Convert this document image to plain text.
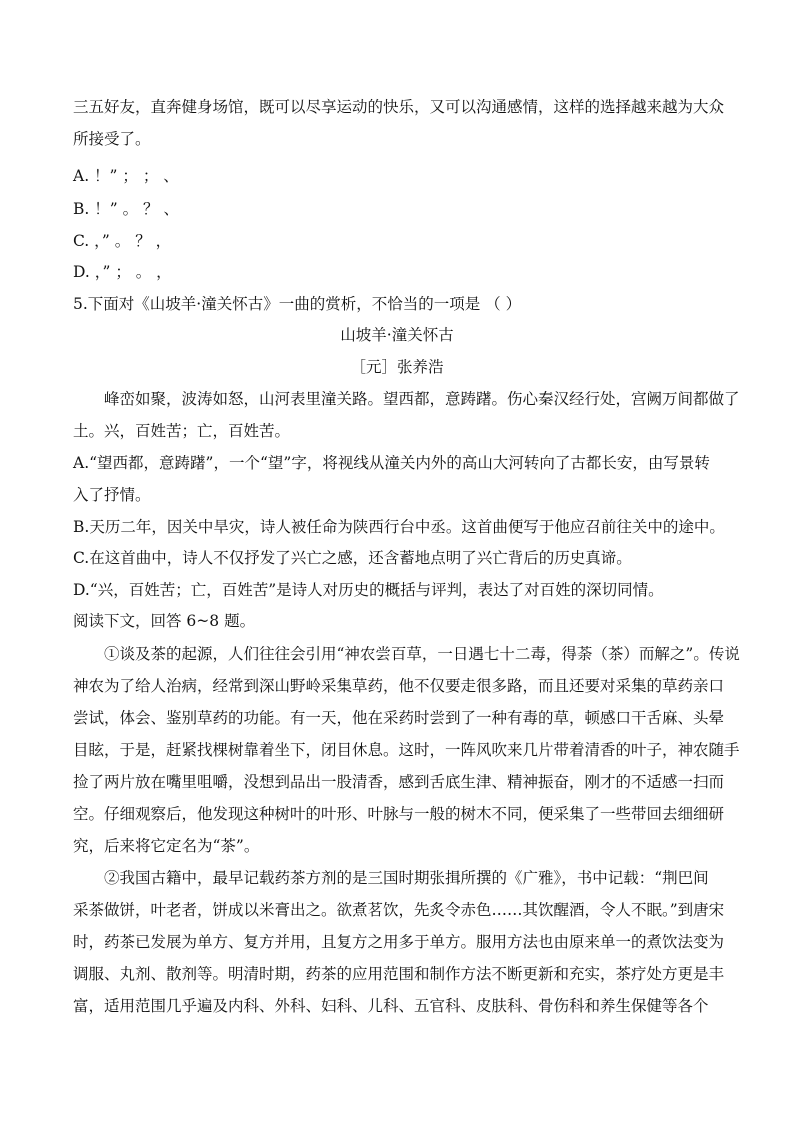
三五好友，直奔健身场馆，既可以尽享运动的快乐，又可以沟通感情，这样的选择越来越为大众
所接受了。
A. ！” ； ； 、
B. ！” 。 ？ 、
C. ，” 。 ？ ，
D. ，” ； 。 ，
5.下面对《山坡羊·潼关怀古》一曲的赏析，不恰当的一项是 （ ）
山坡羊·潼关怀古
［元］张养浩
峰峦如聚，波涛如怒，山河表里潼关路。望西都，意踌躇。伤心秦汉经行处，宫阙万间都做了
土。兴，百姓苦；亡，百姓苦。
A.“望西都，意踌躇”，一个“望”字，将视线从潼关内外的高山大河转向了古都长安，由写景转
入了抒情。
B.天历二年，因关中旱灾，诗人被任命为陕西行台中丞。这首曲便写于他应召前往关中的途中。
C.在这首曲中，诗人不仅抒发了兴亡之感，还含蓄地点明了兴亡背后的历史真谛。
D.“兴，百姓苦；亡，百姓苦”是诗人对历史的概括与评判，表达了对百姓的深切同情。
阅读下文，回答 6~8 题。
①谈及茶的起源，人们往往会引用“神农尝百草，一日遇七十二毒，得荼（茶）而解之”。传说
神农为了给人治病，经常到深山野岭采集草药，他不仅要走很多路，而且还要对采集的草药亲口
尝试，体会、鉴别草药的功能。有一天，他在采药时尝到了一种有毒的草，顿感口干舌麻、头晕
目眩，于是，赶紧找棵树靠着坐下，闭目休息。这时，一阵风吹来几片带着清香的叶子，神农随手
捡了两片放在嘴里咀嚼，没想到品出一股清香，感到舌底生津、精神振奋，刚才的不适感一扫而
空。仔细观察后，他发现这种树叶的叶形、叶脉与一般的树木不同，便采集了一些带回去细细研
究，后来将它定名为“茶”。
②我国古籍中，最早记载药茶方剂的是三国时期张揖所撰的《广雅》，书中记载：“荆巴间
采茶做饼，叶老者，饼成以米膏出之。欲煮茗饮，先炙令赤色……其饮醒酒，令人不眠。”到唐宋
时，药茶已发展为单方、复方并用，且复方之用多于单方。服用方法也由原来单一的煮饮法变为
调服、丸剂、散剂等。明清时期，药茶的应用范围和制作方法不断更新和充实，茶疗处方更是丰
富，适用范围几乎遍及内科、外科、妇科、儿科、五官科、皮肤科、骨伤科和养生保健等各个
